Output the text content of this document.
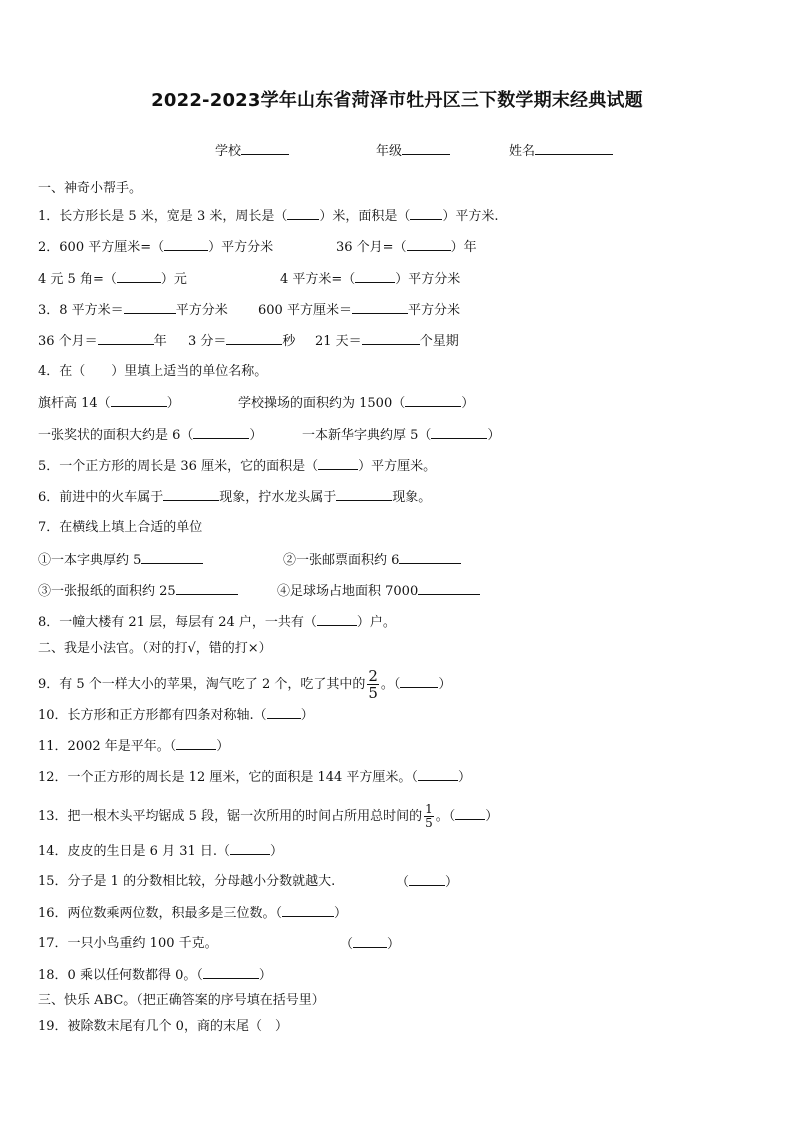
2022-2023学年山东省菏泽市牡丹区三下数学期末经典试题
学校	年级	姓名
一、神奇小帮手。
1．长方形长是 5 米，宽是 3 米，周长是（ ）米，面积是（ ）平方米.
2．600 平方厘米=（	）平方分米	36 个月=（	）年
4 元 5 角=（	）元	4 平方米=（	）平方分米
3．8 平方米＝	平方分米 600 平方厘米＝	平方分米
36 个月＝	年 3 分＝	秒 21 天＝	个星期
4．在（　　）里填上适当的单位名称。
旗杆高 14（	）	学校操场的面积约为 1500（	）
一张奖状的面积大约是 6（	）	一本新华字典约厚 5（	）
5．一个正方形的周长是 36 厘米，它的面积是（	）平方厘米。
6．前进中的火车属于	现象，拧水龙头属于	现象。
7．在横线上填上合适的单位
①一本字典厚约 5	②一张邮票面积约 6
③一张报纸的面积约 25	④足球场占地面积 7000
8．一幢大楼有 21 层，每层有 24 户，一共有（	）户。
二、我是小法官。（对的打√，错的打×）
9．有 5 个一样大小的苹果，淘气吃了 2 个，吃了其中的 $\frac{2}{5}$ 。（	）
10．长方形和正方形都有四条对称轴.（	）
11．2002 年是平年。（	）
12．一个正方形的周长是 12 厘米，它的面积是 144 平方厘米。（	）
13．把一根木头平均锯成 5 段，锯一次所用的时间占所用总时间的 $\frac{1}{5}$ 。（ ）
14．皮皮的生日是 6 月 31 日.（	）
15．分子是 1 的分数相比较，分母越小分数就越大.	（	）
16．两位数乘两位数，积最多是三位数。（	）
17．一只小鸟重约 100 千克。	（	）
18．0 乘以任何数都得 0。（	）
三、快乐 ABC。（把正确答案的序号填在括号里）
19．被除数末尾有几个 0，商的末尾（　）
